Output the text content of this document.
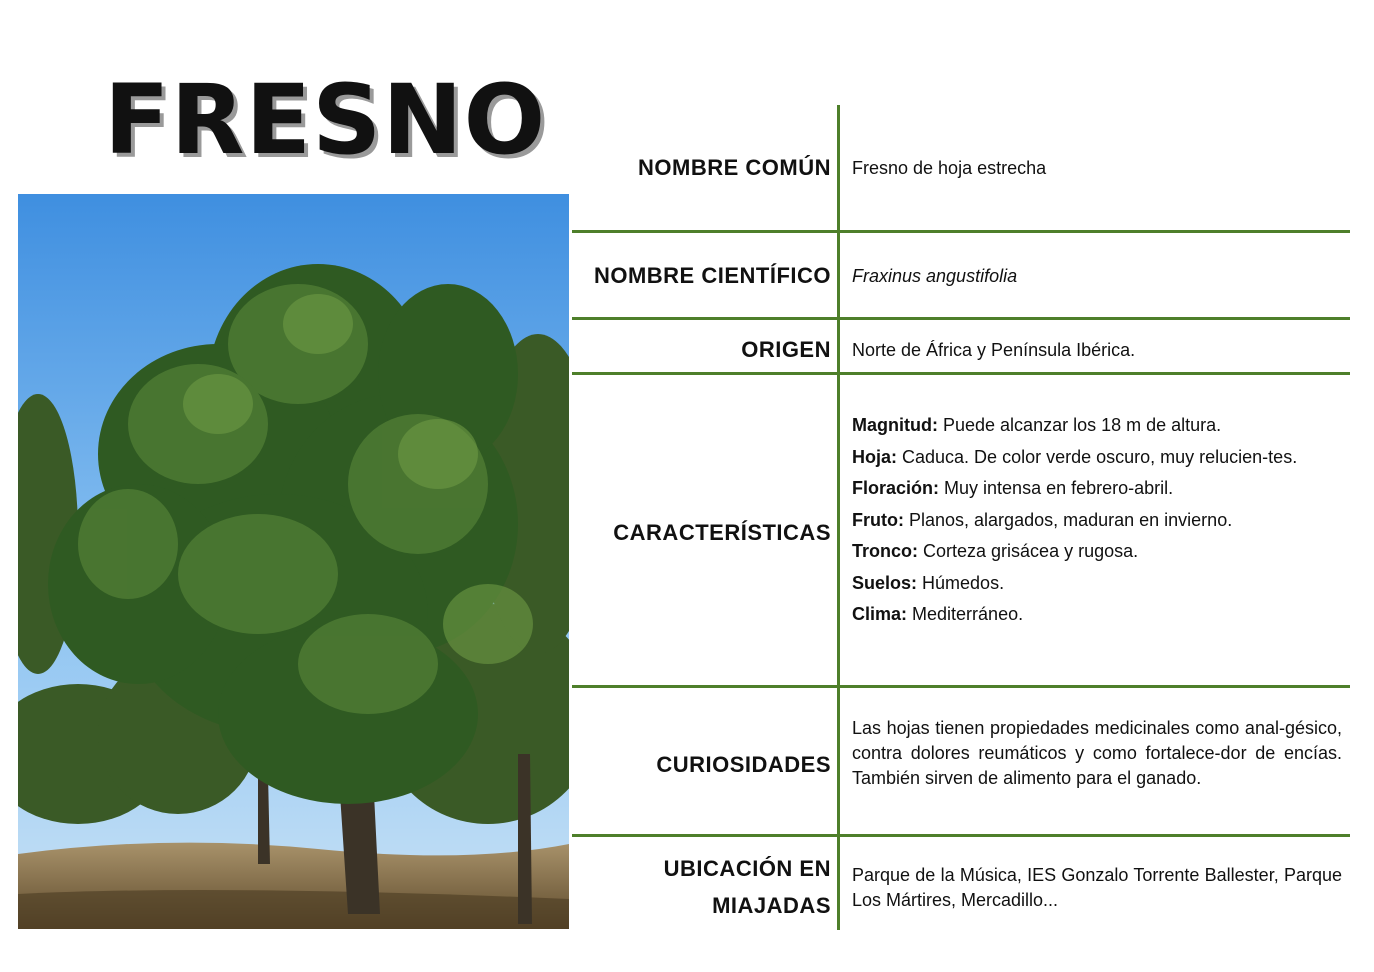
FRESNO	NOMBRE COMÚN Fresno de hoja estrecha
NOMBRE CIENTÍFICO Fraxinus angustifolia
ORIGEN Norte de África y Península Ibérica.
CARACTERÍSTICAS

Magnitud: Puede alcanzar los 18 m de altura.

Hoja: Caduca. De color verde oscuro, muy relucien-tes.

Floración: Muy intensa en febrero-abril.

Fruto: Planos, alargados, maduran en invierno.

Tronco: Corteza grisácea y rugosa.

Suelos: Húmedos.

Clima: Mediterráneo.

CURIOSIDADES
Las hojas tienen propiedades medicinales como anal-gésico, contra dolores reumáticos y como fortalece-dor de encías. También sirven de alimento para el ganado.
UBICACIÓN EN
MIAJADAS
Parque de la Música, IES Gonzalo Torrente Ballester, Parque Los Mártires, Mercadillo...
